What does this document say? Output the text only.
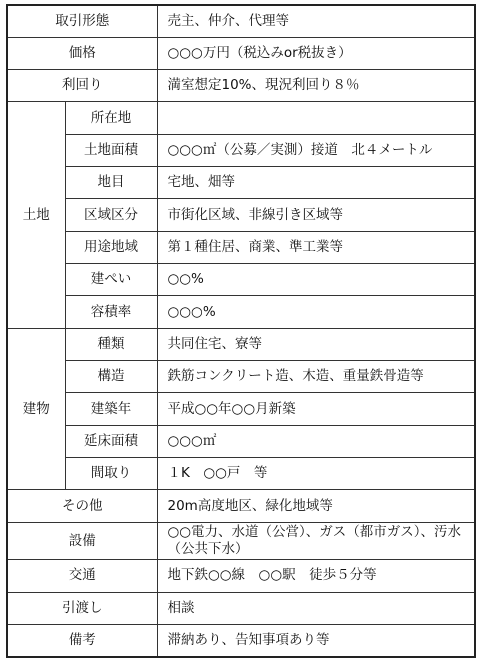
取引形態		売主、仲介、代理等
価格		○○○万円（税込みor税抜き）
利回り		満室想定10%、現況利回り８％
土地	所在地	
	土地面積	○○○㎡（公募／実測）接道　北４メートル
	地目	宅地、畑等
	区域区分	市街化区域、非線引き区域等
	用途地域	第１種住居、商業、準工業等
	建ぺい	○○%
	容積率	○○○%
建物	種類	共同住宅、寮等
	構造	鉄筋コンクリート造、木造、重量鉄骨造等
	建築年	平成○○年○○月新築
	延床面積	○○○㎡
	間取り	１K　○○戸　等
その他		20m高度地区、緑化地域等
設備		○○電力、水道（公営）、ガス（都市ガス）、汚水（公共下水）
交通		地下鉄○○線　○○駅　徒歩５分等
引渡し		相談
備考		滞納あり、告知事項あり等
